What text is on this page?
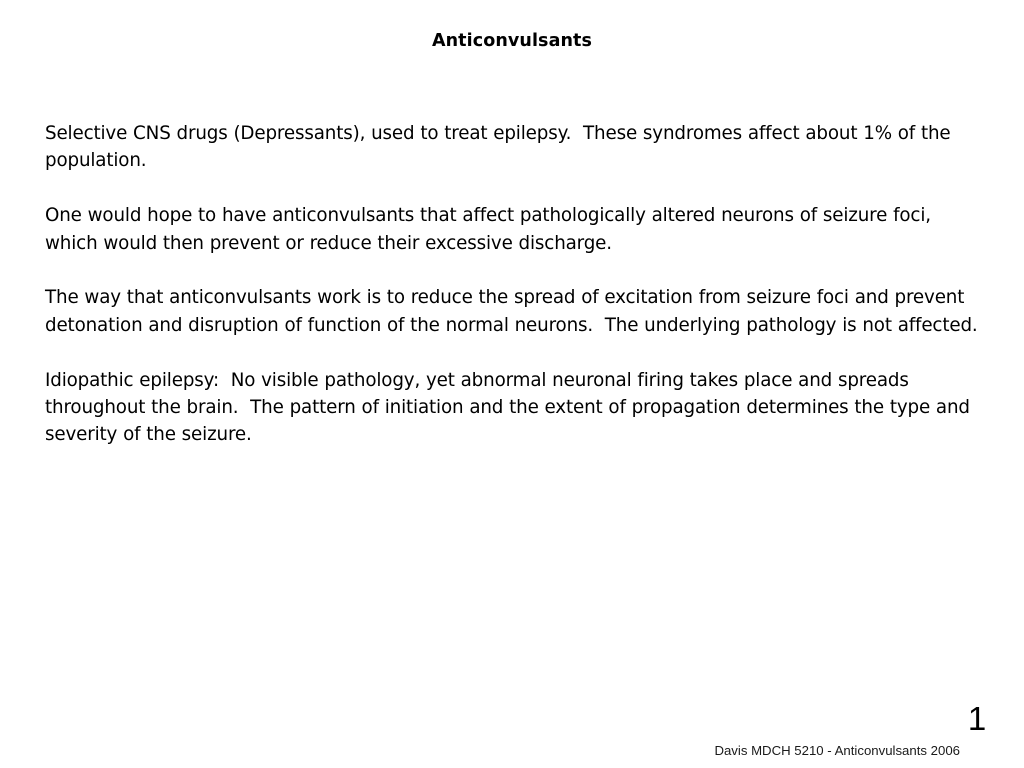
Anticonvulsants

Selective CNS drugs (Depressants), used to treat epilepsy.  These syndromes affect about 1% of the population.

One would hope to have anticonvulsants that affect pathologically altered neurons of seizure foci, which would then prevent or reduce their excessive discharge.

The way that anticonvulsants work is to reduce the spread of excitation from seizure foci and prevent detonation and disruption of function of the normal neurons.  The underlying pathology is not affected.

Idiopathic epilepsy:  No visible pathology, yet abnormal neuronal firing takes place and spreads throughout the brain.  The pattern of initiation and the extent of propagation determines the type and severity of the seizure.

1
Davis MDCH 5210 - Anticonvulsants 2006
